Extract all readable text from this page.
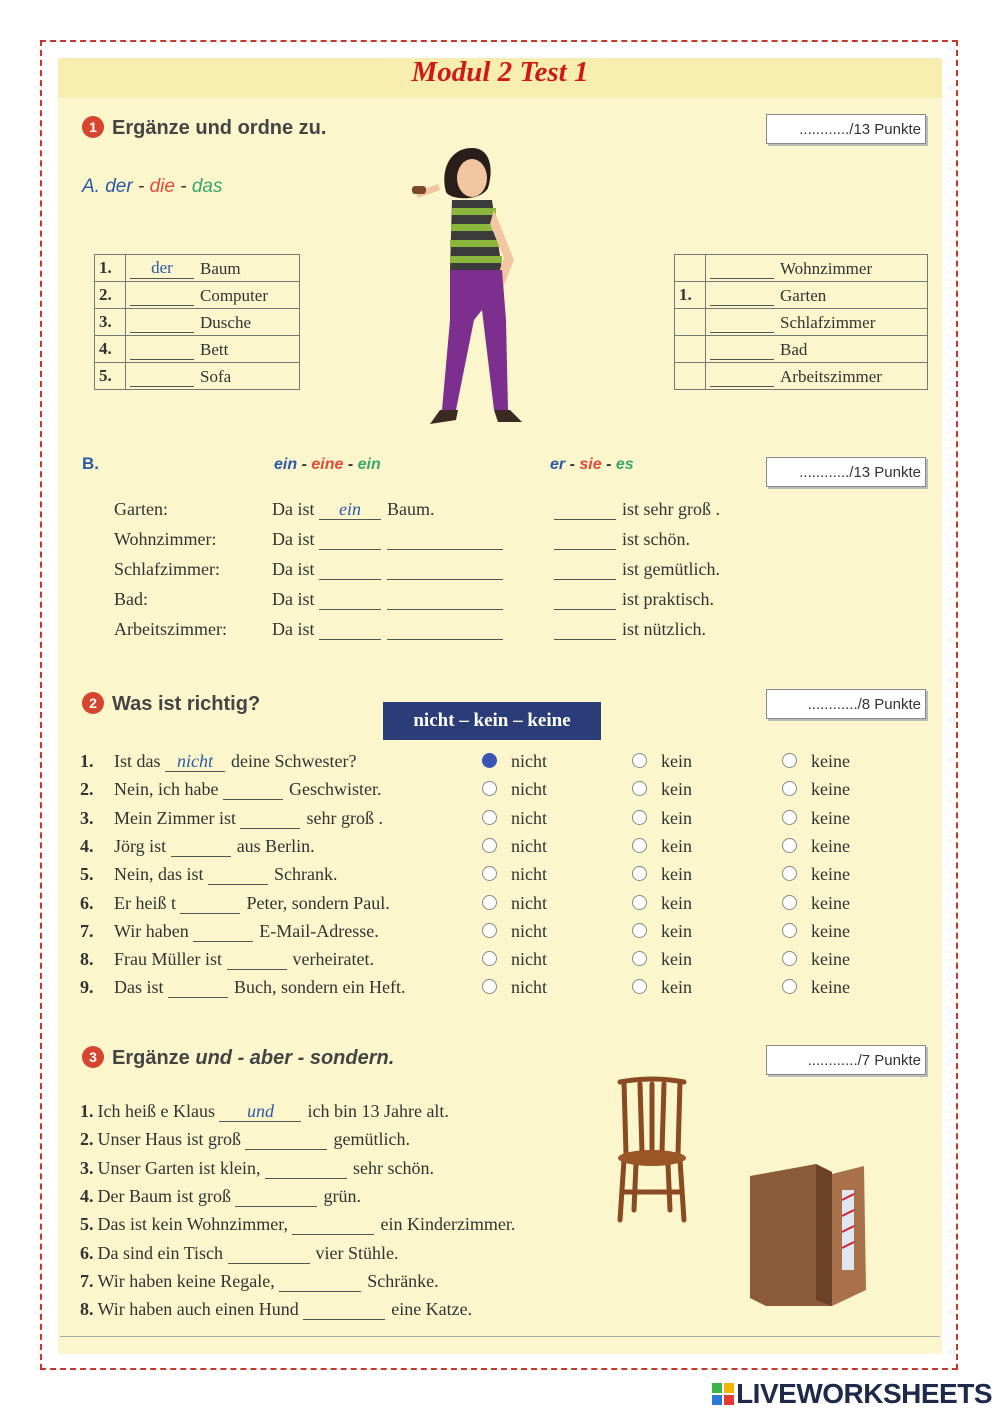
Modul 2 Test 1
1 Ergänze und ordne zu.	............/13 Punkte
A. der - die - das
1.	der Baum
2.	Computer
3.	Dusche
4.	Bett
5.	Sofa
	Wohnzimmer
1.	Garten
	Schlafzimmer
	Bad
	Arbeitszimmer
B.	ein - eine - ein	er - sie - es	............/13 Punkte
Garten:	Da ist ein Baum.	ist sehr groß .
Wohnzimmer:	Da ist	ist schön.
Schlafzimmer:	Da ist	ist gemütlich.
Bad:	Da ist	ist praktisch.
Arbeitszimmer:	Da ist	ist nützlich.
2 Was ist richtig?
nicht – kein – keine
............/8 Punkte
1. Ist das nicht deine Schwester?	nicht	kein	keine
2. Nein, ich habe	Geschwister.	nicht	kein	keine
3. Mein Zimmer ist	sehr groß .	nicht	kein	keine
4. Jörg ist	aus Berlin.	nicht	kein	keine
5. Nein, das ist	Schrank.	nicht	kein	keine
6. Er heiß t	Peter, sondern Paul.	nicht	kein	keine
7. Wir haben	E-Mail-Adresse.	nicht	kein	keine
8. Frau Müller ist	verheiratet.	nicht	kein	keine
9. Das ist	Buch, sondern ein Heft.	nicht	kein	keine
3 Ergänze und - aber - sondern.	............/7 Punkte
1. Ich heiß e Klaus und ich bin 13 Jahre alt.
2. Unser Haus ist groß	gemütlich.
3. Unser Garten ist klein,	sehr schön.
4. Der Baum ist groß	grün.
5. Das ist kein Wohnzimmer,	ein Kinderzimmer.
6. Da sind ein Tisch	vier Stühle.
7. Wir haben keine Regale,	Schränke.
8. Wir haben auch einen Hund	eine Katze.
LIVEWORKSHEETS
